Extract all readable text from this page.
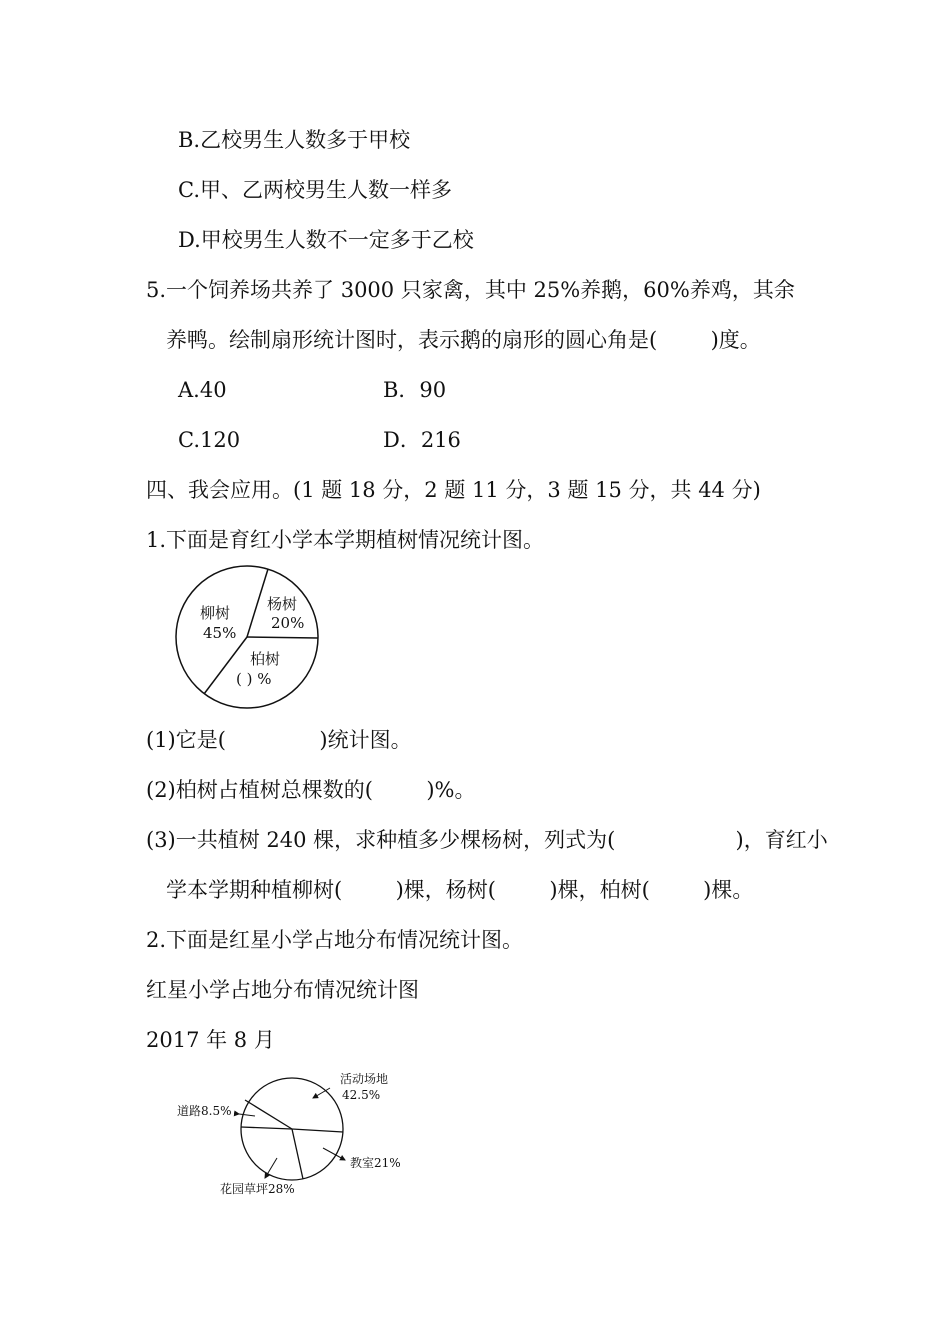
B.乙校男生人数多于甲校
C.甲、乙两校男生人数一样多
D.甲校男生人数不一定多于乙校
5.一个饲养场共养了 3000 只家禽，其中 25%养鹅，60%养鸡，其余
养鸭。绘制扇形统计图时，表示鹅的扇形的圆心角是(        )度。
A.40	B．90
C.120	D．216
四、我会应用。(1 题 18 分，2 题 11 分，3 题 15 分，共 44 分)
1.下面是育红小学本学期植树情况统计图。
柳树
45%
杨树
20%
柏树
( ) %
(1)它是(              )统计图。
(2)柏树占植树总棵数的(        )%。
(3)一共植树 240 棵，求种植多少棵杨树，列式为(                  )，育红小
学本学期种植柳树(        )棵，杨树(        )棵，柏树(        )棵。
2.下面是红星小学占地分布情况统计图。
红星小学占地分布情况统计图
2017 年 8 月
活动场地
42.5%
道路8.5%
教室21%
花园草坪28%
